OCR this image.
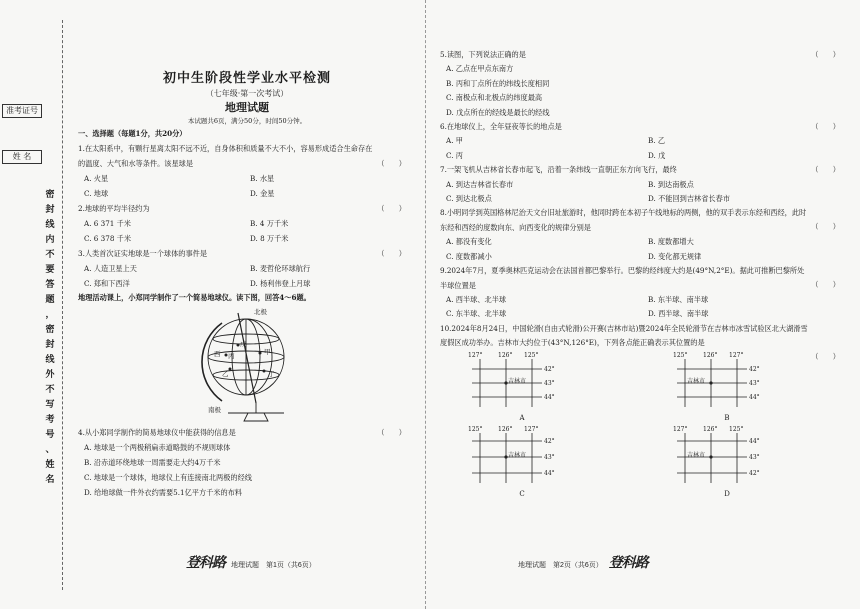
准考证号
姓 名
密
封
线
内
不
要
答
题
，
密
封
线
外
不
写
考
号
、
姓
名
初中生阶段性学业水平检测
（七年级·第一次考试）
地理试题
本试题共6页，满分50分，时间50分钟。
一、选择题（每题1分，共20分）
1.在太阳系中，有颗行星离太阳不远不近，自身体积和质量不大不小，容易形成适合生命存在的温度、大气和水等条件。该星球是	（　　）
A. 火星	B. 水星
C. 地球	D. 金星
2.地球的平均半径约为	（　　）
A. 6 371 千米	B. 4 万千米
C. 6 378 千米	D. 8 万千米
3.人类首次证实地球是一个球体的事件是	（　　）
A. 人造卫星上天	B. 麦哲伦环球航行
C. 郑和下西洋	D. 杨利伟登上月球
地理活动课上，小郑同学制作了一个简易地球仪。读下图，回答4～6题。
北极
南极
西	甲
乙
丙
丁
戊
4.从小郑同学制作的简易地球仪中能获得的信息是	（　　）
A. 地球是一个两极稍扁赤道略鼓的不规则球体
B. 沿赤道环绕地球一周需要走大约4万千米
C. 地球是一个球体，地球仪上有连接南北两极的经线
D. 给地球做一件外衣约需要5.1亿平方千米的布料
登科路 地理试题　第1页（共6页）
5.读图，下列说法正确的是	（　　）
A. 乙点在甲点东南方
B. 丙和丁点所在的纬线长度相同
C. 南极点和北极点的纬度最高
D. 戊点所在的经线是最长的经线
6.在地球仪上，全年昼夜等长的地点是	（　　）
A. 甲	B. 乙
C. 丙	D. 戊
7.一架飞机从吉林省长春市起飞，沿着一条纬线一直朝正东方向飞行，最终	（　　）
A. 到达吉林省长春市	B. 到达南极点
C. 到达北极点	D. 不能回到吉林省长春市
8.小明同学到英国格林尼治天文台旧址旅游时，他同时跨在本初子午线地标的两侧，他的双手表示东经和西经，此时东经和西经的度数向东、向西变化的规律分别是	（　　）
A. 都没有变化	B. 度数都增大
C. 度数都减小	D. 变化都无规律
9.2024年7月，夏季奥林匹克运动会在法国首都巴黎举行。巴黎的经纬度大约是(49°N,2°E)。据此可推断巴黎所处半球位置是	（　　）
A. 西半球、北半球	B. 东半球、南半球
C. 东半球、北半球	D. 西半球、南半球
10.2024年8月24日，中国轮滑(自由式轮滑)公开赛(吉林市站)暨2024年全民轮滑节在吉林市冰雪试验区北大湖滑雪度假区成功举办。吉林市大约位于(43°N,126°E)，下列各点能正确表示其位置的是
（　　）
127°	126° 125°
42°
43°
44°
吉林市
A
125°	126° 127°
42°
43°
44°
吉林市
B
125°	126° 127°
42°
43°
44°
吉林市
C
127°	126° 125°
44°
43°
42°
吉林市
D
地理试题　第2页（共6页） 登科路
